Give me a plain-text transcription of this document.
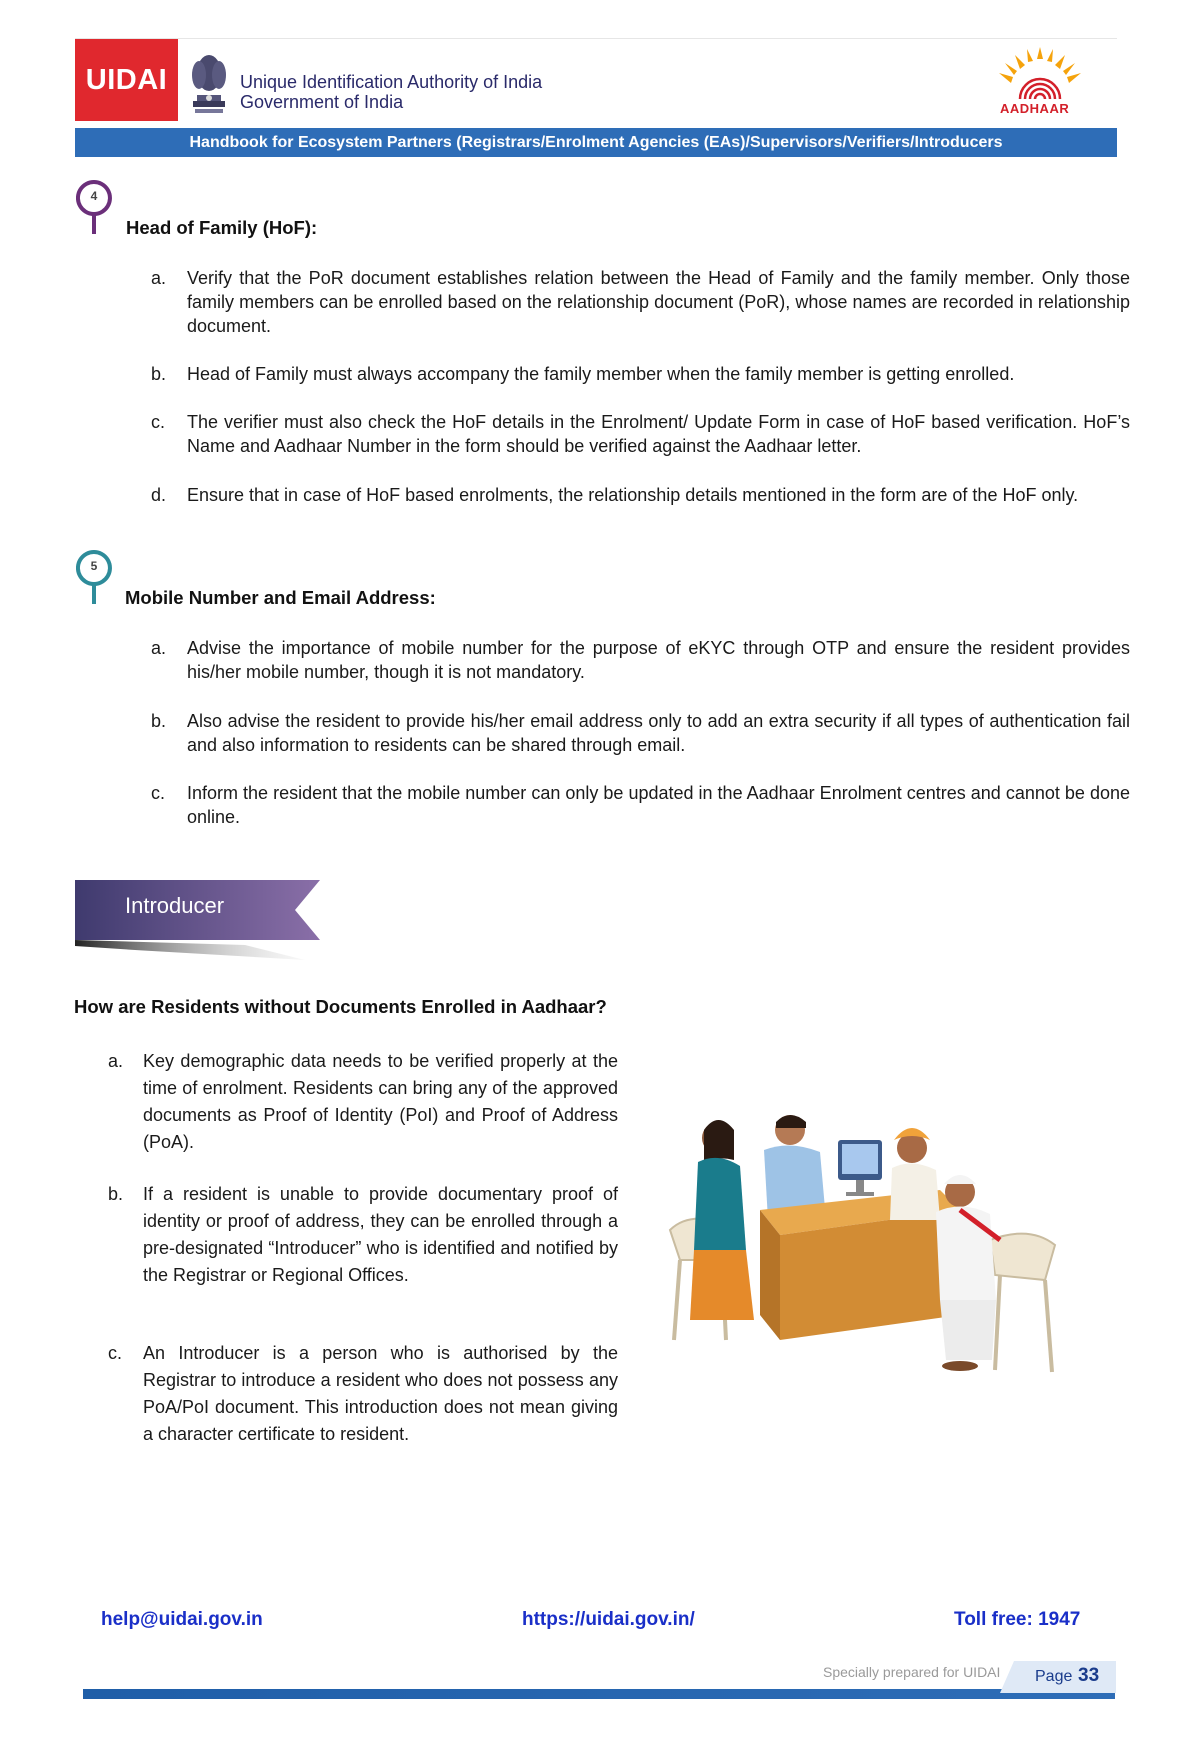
UIDAI	Unique Identification Authority of India
Government of India	AADHAAR
Handbook for Ecosystem Partners (Registrars/Enrolment Agencies (EAs)/Supervisors/Verifiers/Introducers
4
Head of Family (HoF):
a. Verify that the PoR document establishes relation between the Head of Family and the family member. Only those family members can be enrolled based on the relationship document (PoR), whose names are recorded in relationship document.
b. Head of Family must always accompany the family member when the family member is getting enrolled.
c. The verifier must also check the HoF details in the Enrolment/ Update Form in case of HoF based verification. HoF’s Name and Aadhaar Number in the form should be verified against the Aadhaar letter.
d. Ensure that in case of HoF based enrolments, the relationship details mentioned in the form are of the HoF only.
5
Mobile Number and Email Address:
a. Advise the importance of mobile number for the purpose of eKYC through OTP and ensure the resident provides his/her mobile number, though it is not mandatory.
b. Also advise the resident to provide his/her email address only to add an extra security if all types of authentication fail and also information to residents can be shared through email.
c. Inform the resident that the mobile number can only be updated in the Aadhaar Enrolment centres and cannot be done online.
Introducer
How are Residents without Documents Enrolled in Aadhaar?
a. Key demographic data needs to be verified properly at the time of enrolment. Residents can bring any of the approved documents as Proof of Identity (PoI) and Proof of Address (PoA).
b. If a resident is unable to provide documentary proof of identity or proof of address, they can be enrolled through a pre-designated “Introducer” who is identified and notified by the Registrar or Regional Offices.
c. An Introducer is a person who is authorised by the Registrar to introduce a resident who does not possess any PoA/PoI document. This introduction does not mean giving a character certificate to resident.
help@uidai.gov.in	https://uidai.gov.in/	Toll free: 1947
Specially prepared for UIDAI Page 33
